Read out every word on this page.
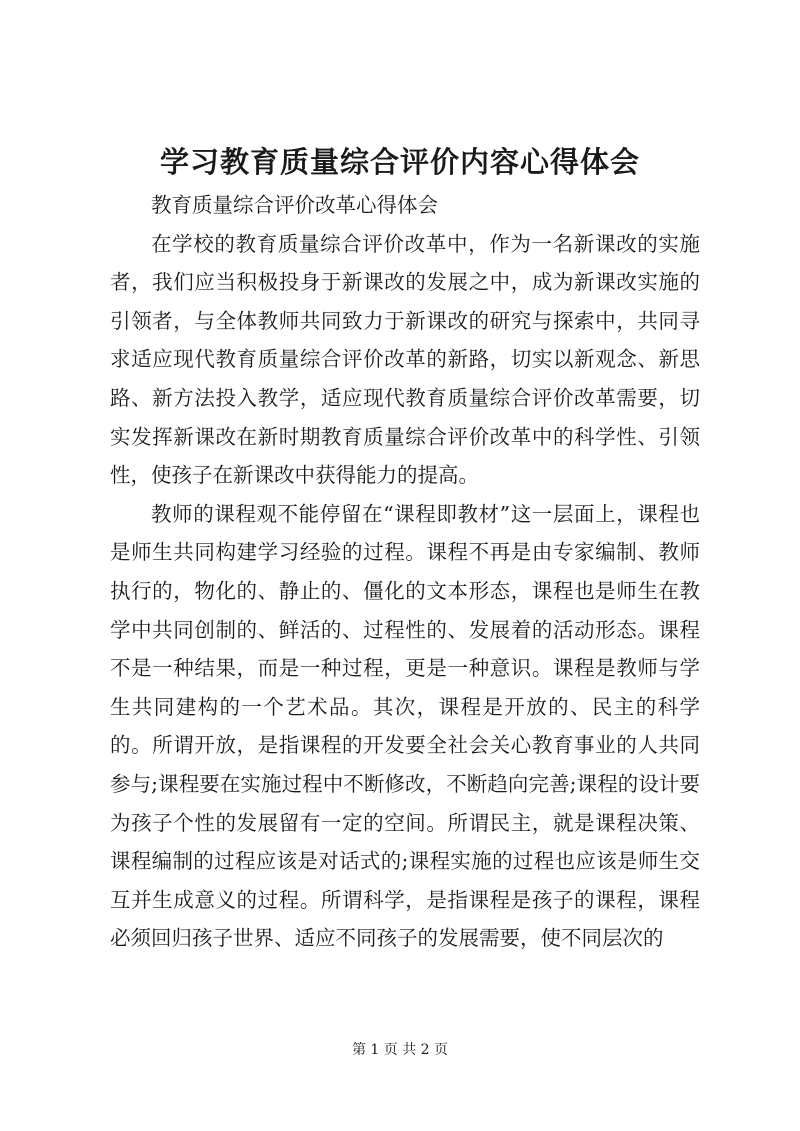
学习教育质量综合评价内容心得体会

教育质量综合评价改革心得体会

在学校的教育质量综合评价改革中，作为一名新课改的实施者，我们应当积极投身于新课改的发展之中，成为新课改实施的引领者，与全体教师共同致力于新课改的研究与探索中，共同寻求适应现代教育质量综合评价改革的新路，切实以新观念、新思路、新方法投入教学，适应现代教育质量综合评价改革需要，切实发挥新课改在新时期教育质量综合评价改革中的科学性、引领性，使孩子在新课改中获得能力的提高。

教师的课程观不能停留在“课程即教材”这一层面上，课程也是师生共同构建学习经验的过程。课程不再是由专家编制、教师执行的，物化的、静止的、僵化的文本形态，课程也是师生在教学中共同创制的、鲜活的、过程性的、发展着的活动形态。课程不是一种结果，而是一种过程，更是一种意识。课程是教师与学生共同建构的一个艺术品。其次，课程是开放的、民主的科学的。所谓开放，是指课程的开发要全社会关心教育事业的人共同参与;课程要在实施过程中不断修改，不断趋向完善;课程的设计要为孩子个性的发展留有一定的空间。所谓民主，就是课程决策、课程编制的过程应该是对话式的;课程实施的过程也应该是师生交互并生成意义的过程。所谓科学，是指课程是孩子的课程，课程必须回归孩子世界、适应不同孩子的发展需要，使不同层次的

第 1 页 共 2 页
